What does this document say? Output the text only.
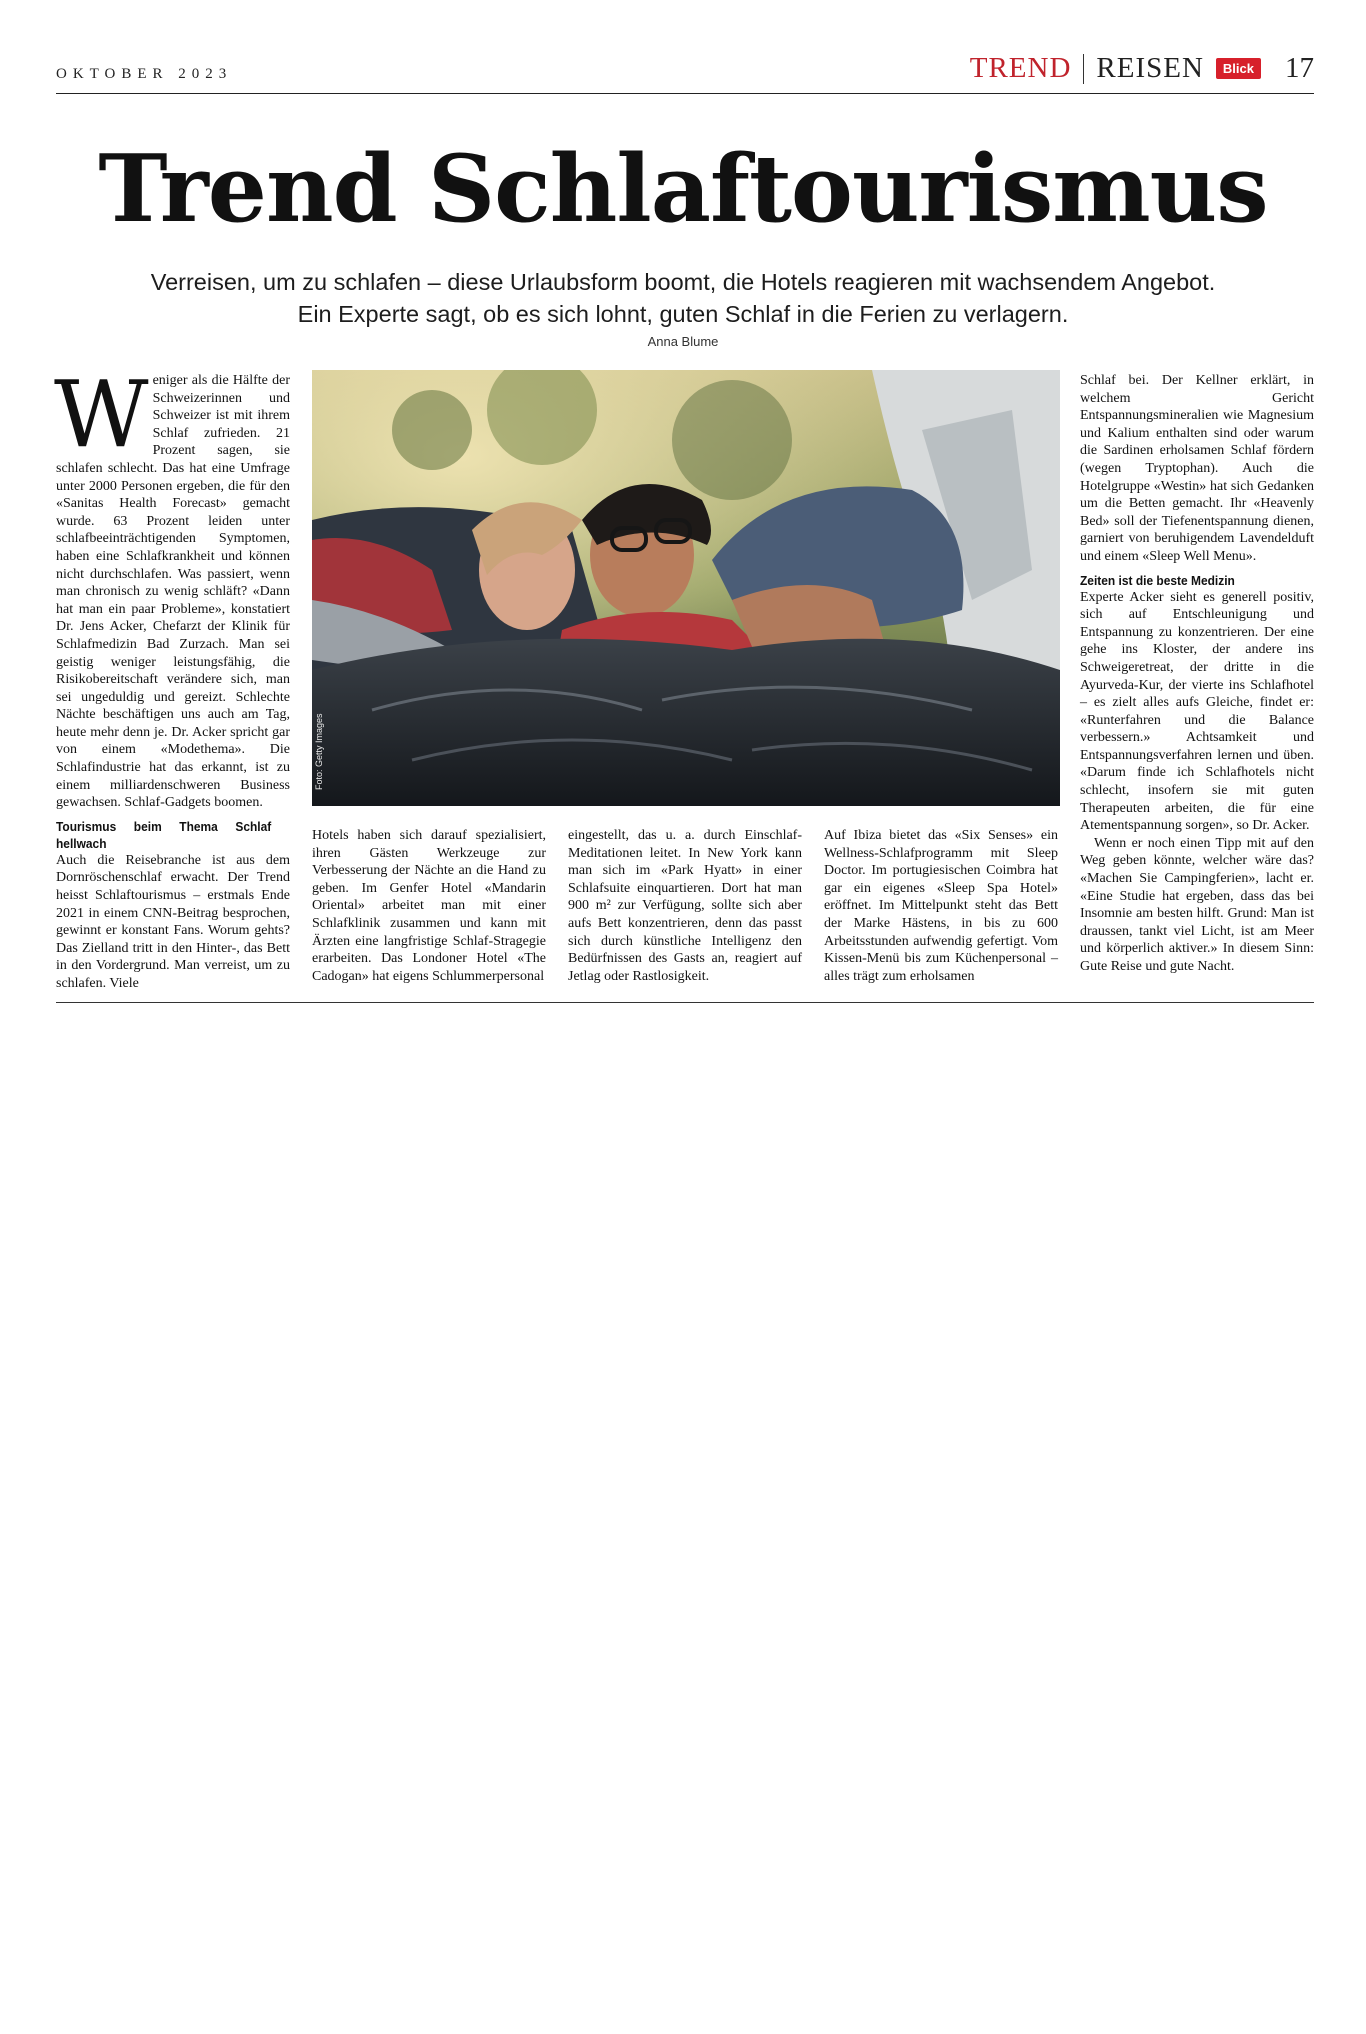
OKTOBER 2023	TREND REISEN	Blick 17
Trend Schlaftourismus
Verreisen, um zu schlafen – diese Urlaubsform boomt, die Hotels reagieren mit wachsendem Angebot. Ein Experte sagt, ob es sich lohnt, guten Schlaf in die Ferien zu verlagern.
Anna Blume

Weniger als die Hälfte der Schweizerinnen und Schweizer ist mit ihrem Schlaf zufrieden. 21 Prozent sagen, sie schlafen schlecht. Das hat eine Umfrage unter 2000 Personen ergeben, die für den «Sanitas Health Forecast» gemacht wurde. 63 Prozent leiden unter schlafbeeinträchtigenden Symptomen, haben eine Schlafkrankheit und können nicht durchschlafen. Was passiert, wenn man chronisch zu wenig schläft? «Dann hat man ein paar Probleme», konstatiert Dr. Jens Acker, Chefarzt der Klinik für Schlafmedizin Bad Zurzach. Man sei geistig weniger leistungsfähig, die Risikobereitschaft verändere sich, man sei ungeduldig und gereizt. Schlechte Nächte beschäftigen uns auch am Tag, heute mehr denn je. Dr. Acker spricht gar von einem «Modethema». Die Schlafindustrie hat das erkannt, ist zu einem milliardenschweren Business gewachsen. Schlaf-Gadgets boomen.

Tourismus beim Thema Schlaf hellwach

Auch die Reisebranche ist aus dem Dornröschenschlaf erwacht. Der Trend heisst Schlaftourismus – erstmals Ende 2021 in einem CNN-Beitrag besprochen, gewinnt er konstant Fans. Worum gehts? Das Zielland tritt in den Hinter-, das Bett in den Vordergrund. Man verreist, um zu schlafen. Viele

Foto: Getty Images

Hotels haben sich darauf spezialisiert, ihren Gästen Werkzeuge zur Verbesserung der Nächte an die Hand zu geben. Im Genfer Hotel «Mandarin Oriental» arbeitet man mit einer Schlafklinik zusammen und kann mit Ärzten eine langfristige Schlaf-Stragegie erarbeiten. Das Londoner Hotel «The Cadogan» hat eigens Schlummerpersonal

eingestellt, das u. a. durch Einschlaf-Meditationen leitet. In New York kann man sich im «Park Hyatt» in einer Schlafsuite einquartieren. Dort hat man 900 m² zur Verfügung, sollte sich aber aufs Bett konzentrieren, denn das passt sich durch künstliche Intelligenz den Bedürfnissen des Gasts an, reagiert auf Jetlag oder Rastlosigkeit.

Auf Ibiza bietet das «Six Senses» ein Wellness-Schlafprogramm mit Sleep Doctor. Im portugiesischen Coimbra hat gar ein eigenes «Sleep Spa Hotel» eröffnet. Im Mittelpunkt steht das Bett der Marke Hästens, in bis zu 600 Arbeitsstunden aufwendig gefertigt. Vom Kissen-Menü bis zum Küchenpersonal – alles trägt zum erholsamen

Schlaf bei. Der Kellner erklärt, in welchem Gericht Entspannungsmineralien wie Magnesium und Kalium enthalten sind oder warum die Sardinen erholsamen Schlaf fördern (wegen Tryptophan). Auch die Hotelgruppe «Westin» hat sich Gedanken um die Betten gemacht. Ihr «Heavenly Bed» soll der Tiefenentspannung dienen, garniert von beruhigendem Lavendelduft und einem «Sleep Well Menu».

Zeiten ist die beste Medizin

Experte Acker sieht es generell positiv, sich auf Entschleunigung und Entspannung zu konzentrieren. Der eine gehe ins Kloster, der andere ins Schweigeretreat, der dritte in die Ayurveda-Kur, der vierte ins Schlafhotel – es zielt alles aufs Gleiche, findet er: «Runterfahren und die Balance verbessern.» Achtsamkeit und Entspannungsverfahren lernen und üben. «Darum finde ich Schlafhotels nicht schlecht, insofern sie mit guten Therapeuten arbeiten, die für eine Atementspannung sorgen», so Dr. Acker.

Wenn er noch einen Tipp mit auf den Weg geben könnte, welcher wäre das? «Machen Sie Campingferien», lacht er. «Eine Studie hat ergeben, dass das bei Insomnie am besten hilft. Grund: Man ist draussen, tankt viel Licht, ist am Meer und körperlich aktiver.» In diesem Sinn: Gute Reise und gute Nacht.
